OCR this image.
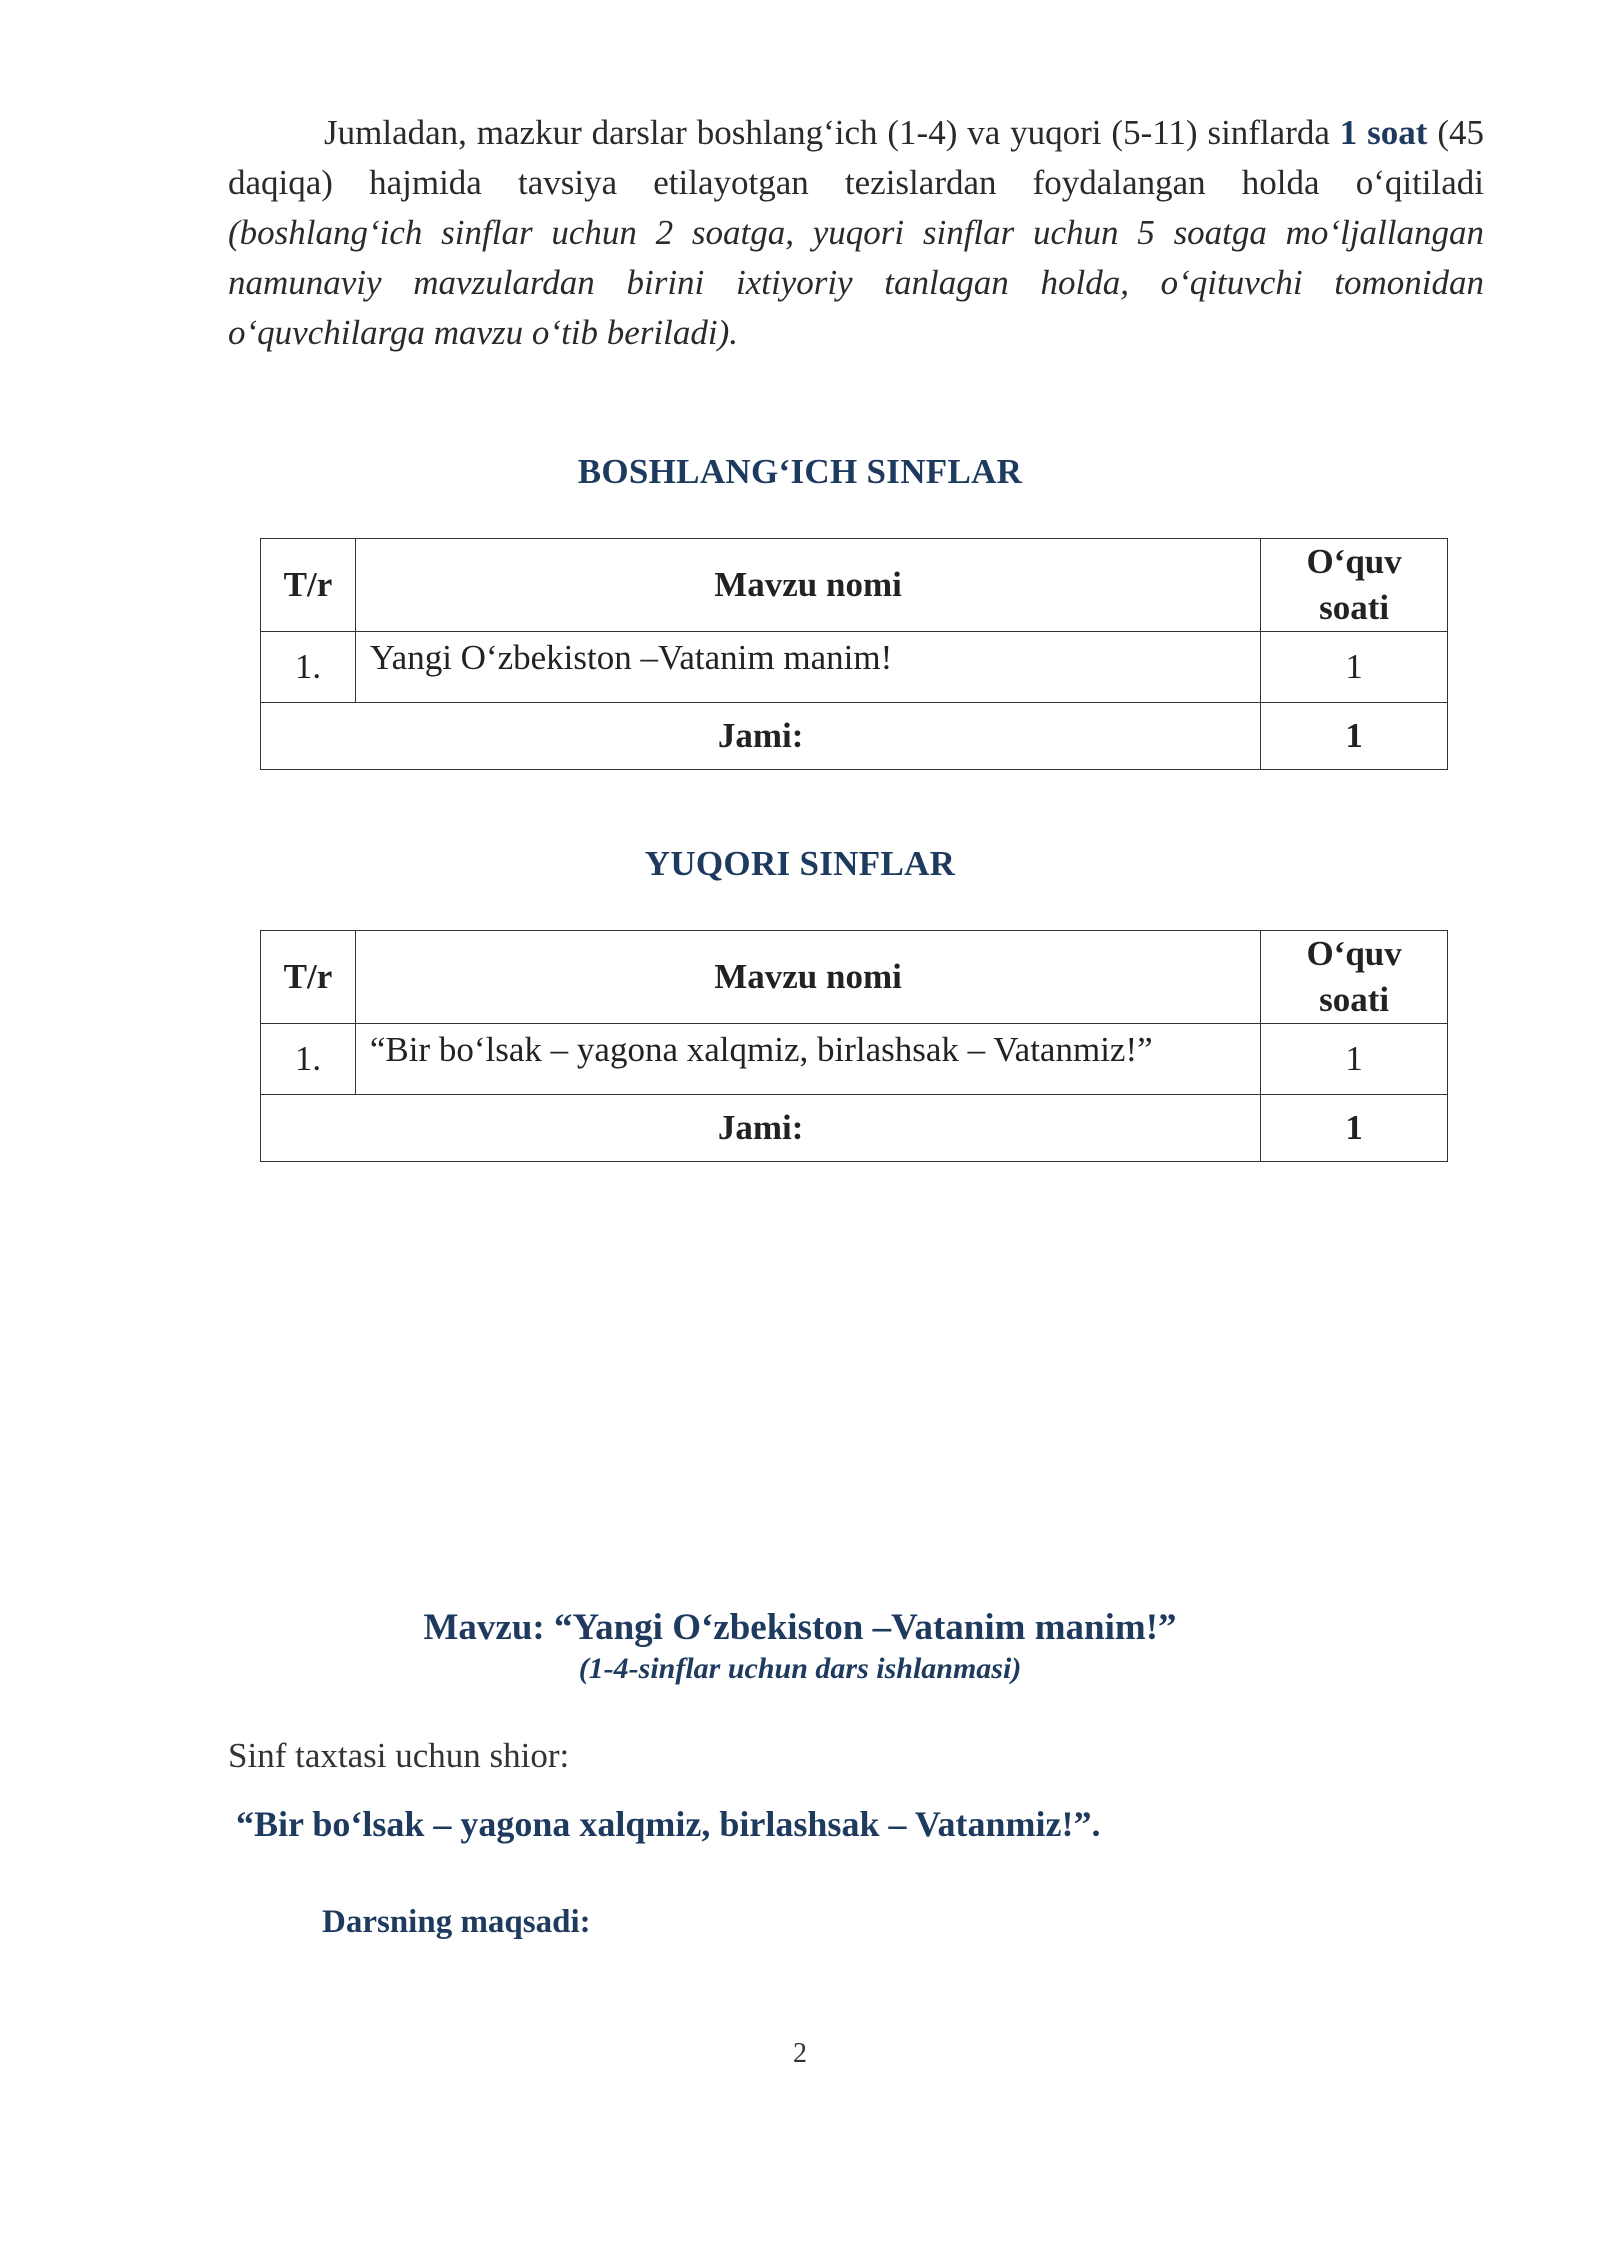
Jumladan, mazkur darslar boshlang‘ich (1-4) va yuqori (5-11) sinflarda 1 soat (45 daqiqa) hajmida tavsiya etilayotgan tezislardan foydalangan holda o‘qitiladi (boshlang‘ich sinflar uchun 2 soatga, yuqori sinflar uchun 5 soatga mo‘ljallangan namunaviy mavzulardan birini ixtiyoriy tanlagan holda, o‘qituvchi tomonidan o‘quvchilarga mavzu o‘tib beriladi).
BOSHLANG‘ICH SINFLAR
T/r	Mavzu nomi	O‘quv
soati
1.	Yangi O‘zbekiston –Vatanim manim!	1
Jami:		1
YUQORI SINFLAR
T/r	Mavzu nomi	O‘quv
soati
1.	“Bir bo‘lsak – yagona xalqmiz, birlashsak – Vatanmiz!”	1
Jami:		1
Mavzu: “Yangi O‘zbekiston –Vatanim manim!”
(1-4-sinflar uchun dars ishlanmasi)
Sinf taxtasi uchun shior:
“Bir bo‘lsak – yagona xalqmiz, birlashsak – Vatanmiz!”.
Darsning maqsadi:
2
